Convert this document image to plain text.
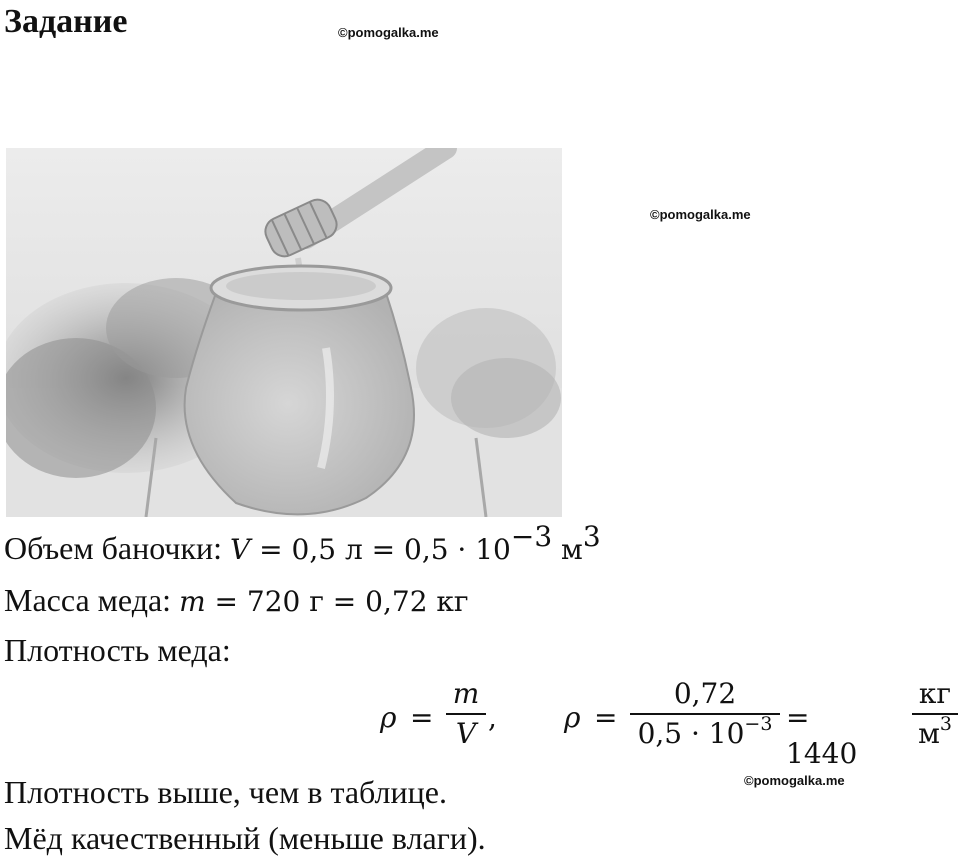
Задание	©pomogalka.me
©pomogalka.me
©pomogalka.me
Объем баночки: V = 0,5 $л = 0,5 \cdot 10^{-3}$ $м^3$
Масса меда: m = 720 г = 0,72 кг
Плотность меда:
ρ =
m
V , ρ =
0,72
$0,5 \cdot 10^{-3} = 1440$
кг
$м^3$
Плотность выше, чем в таблице.
Мёд качественный (меньше влаги).
